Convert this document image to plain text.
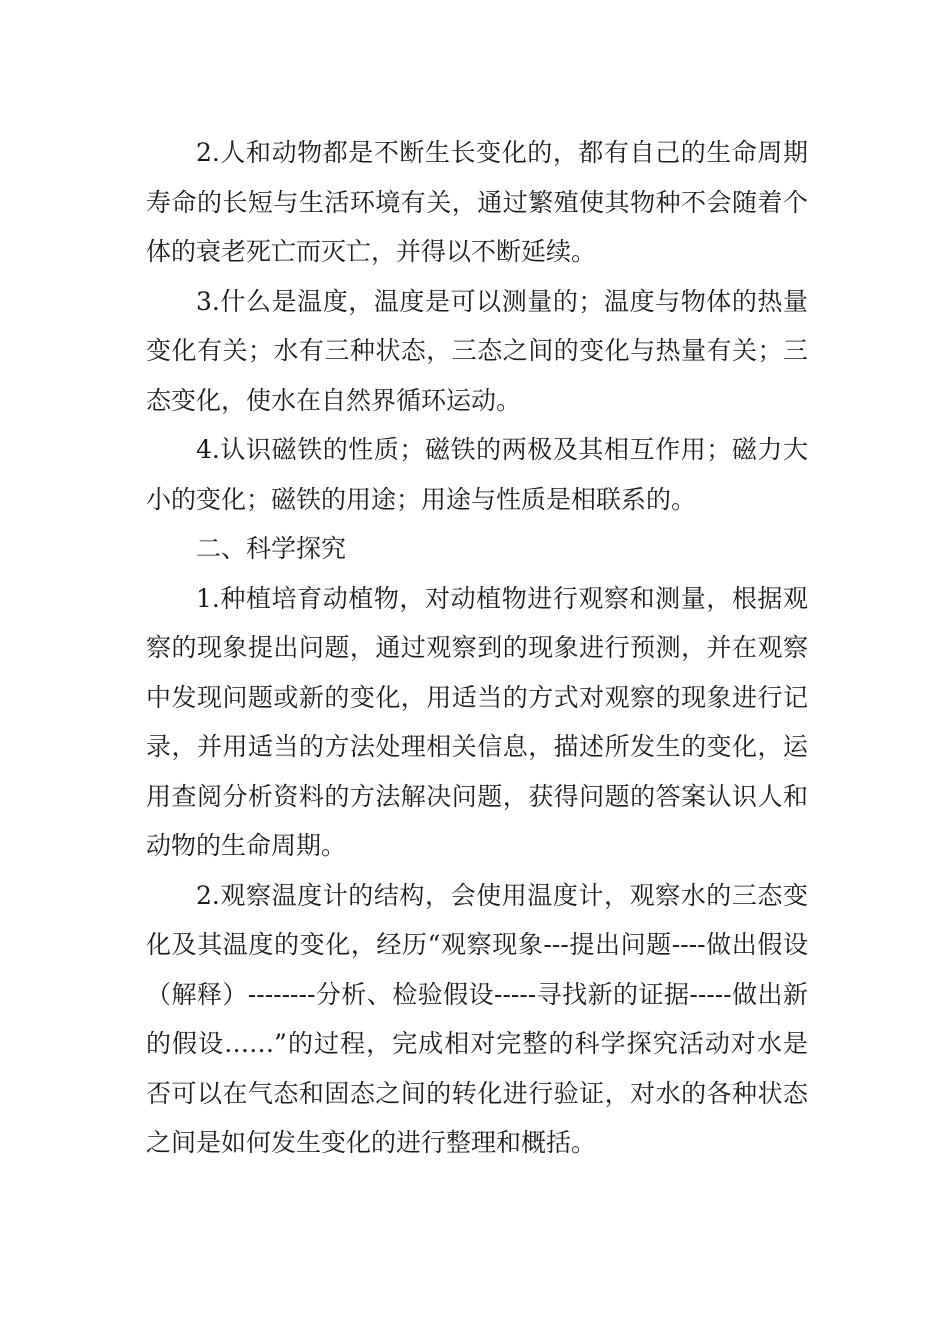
2.人和动物都是不断生长变化的，都有自己的生命周期寿命的长短与生活环境有关，通过繁殖使其物种不会随着个体的衰老死亡而灭亡，并得以不断延续。

3.什么是温度，温度是可以测量的；温度与物体的热量变化有关；水有三种状态，三态之间的变化与热量有关；三态变化，使水在自然界循环运动。

4.认识磁铁的性质；磁铁的两极及其相互作用；磁力大小的变化；磁铁的用途；用途与性质是相联系的。

二、科学探究

1.种植培育动植物，对动植物进行观察和测量，根据观察的现象提出问题，通过观察到的现象进行预测，并在观察中发现问题或新的变化，用适当的方式对观察的现象进行记录，并用适当的方法处理相关信息，描述所发生的变化，运用查阅分析资料的方法解决问题，获得问题的答案认识人和动物的生命周期。

2.观察温度计的结构，会使用温度计，观察水的三态变化及其温度的变化，经历“观察现象---提出问题----做出假设（解释）--------分析、检验假设-----寻找新的证据-----做出新的假设……”的过程，完成相对完整的科学探究活动对水是否可以在气态和固态之间的转化进行验证，对水的各种状态之间是如何发生变化的进行整理和概括。
